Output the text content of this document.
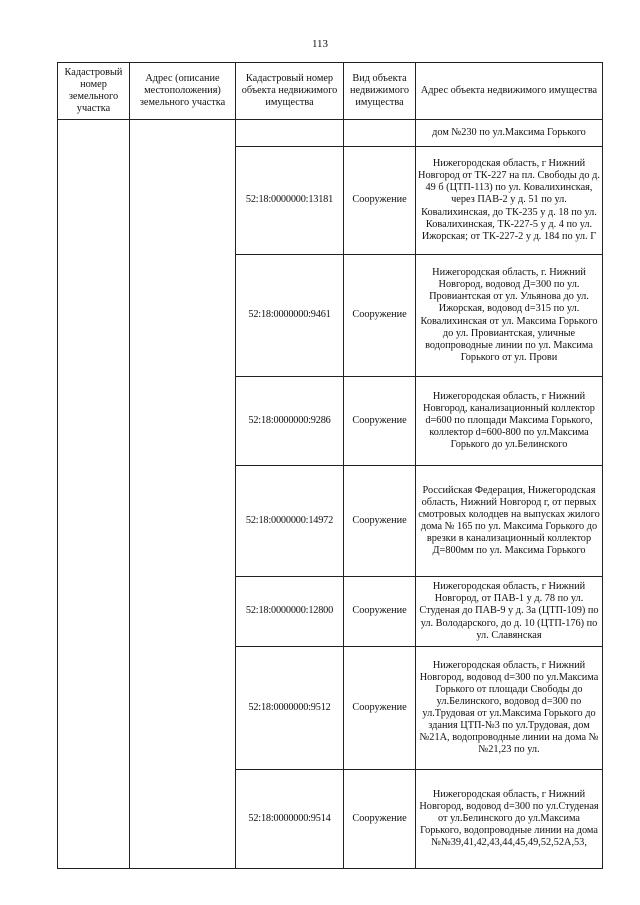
113
Кадастровый номер земельного участка	Адрес (описание местоположения) земельного участка	Кадастровый номер объекта недвижимого имущества	Вид объекта недвижимого имущества	Адрес объекта недвижимого имущества
				дом №230 по ул.Максима Горького
		52:18:0000000:13181	Сооружение	Нижегородская область, г Нижний Новгород от ТК-227 на пл. Свободы до д. 49 б (ЦТП-113) по ул. Ковалихинская, через ПАВ-2 у д. 51 по ул. Ковалихинская, до ТК-235 у д. 18 по ул. Ковалихинская, ТК-227-5 у д. 4 по ул. Ижорская; от ТК-227-2 у д. 184 по ул. Г
		52:18:0000000:9461	Сооружение	Нижегородская область, г. Нижний Новгород, водовод Д=300 по ул. Провиантская от ул. Ульянова до ул. Ижорская, водовод d=315 по ул. Ковалихинская от ул. Максима Горького до ул. Провиантская, уличные водопроводные линии по ул. Максима Горького от ул. Прови
		52:18:0000000:9286	Сооружение	Нижегородская область, г Нижний Новгород, канализационный коллектор d=600 по площади Максима Горького, коллектор d=600-800 по ул.Максима Горького до ул.Белинского
		52:18:0000000:14972	Сооружение	Российская Федерация, Нижегородская область, Нижний Новгород г, от первых смотровых колодцев на выпусках жилого дома № 165 по ул. Максима Горького до врезки в канализационный коллектор Д=800мм по ул. Максима Горького
		52:18:0000000:12800	Сооружение	Нижегородская область, г Нижний Новгород, от ПАВ-1 у д. 78 по ул. Студеная до ПАВ-9 у д. 3а (ЦТП-109) по ул. Володарского, до д. 10 (ЦТП-176) по ул. Славянская
		52:18:0000000:9512	Сооружение	Нижегородская область, г Нижний Новгород, водовод d=300 по ул.Максима Горького от площади Свободы до ул.Белинского, водовод d=300 по ул.Трудовая от ул.Максима Горького до здания ЦТП-№3 по ул.Трудовая, дом №21А, водопроводные линии на дома №№21,23 по ул.
		52:18:0000000:9514	Сооружение	Нижегородская область, г Нижний Новгород, водовод d=300 по ул.Студеная от ул.Белинского до ул.Максима Горького, водопроводные линии на дома №№39,41,42,43,44,45,49,52,52А,53,
